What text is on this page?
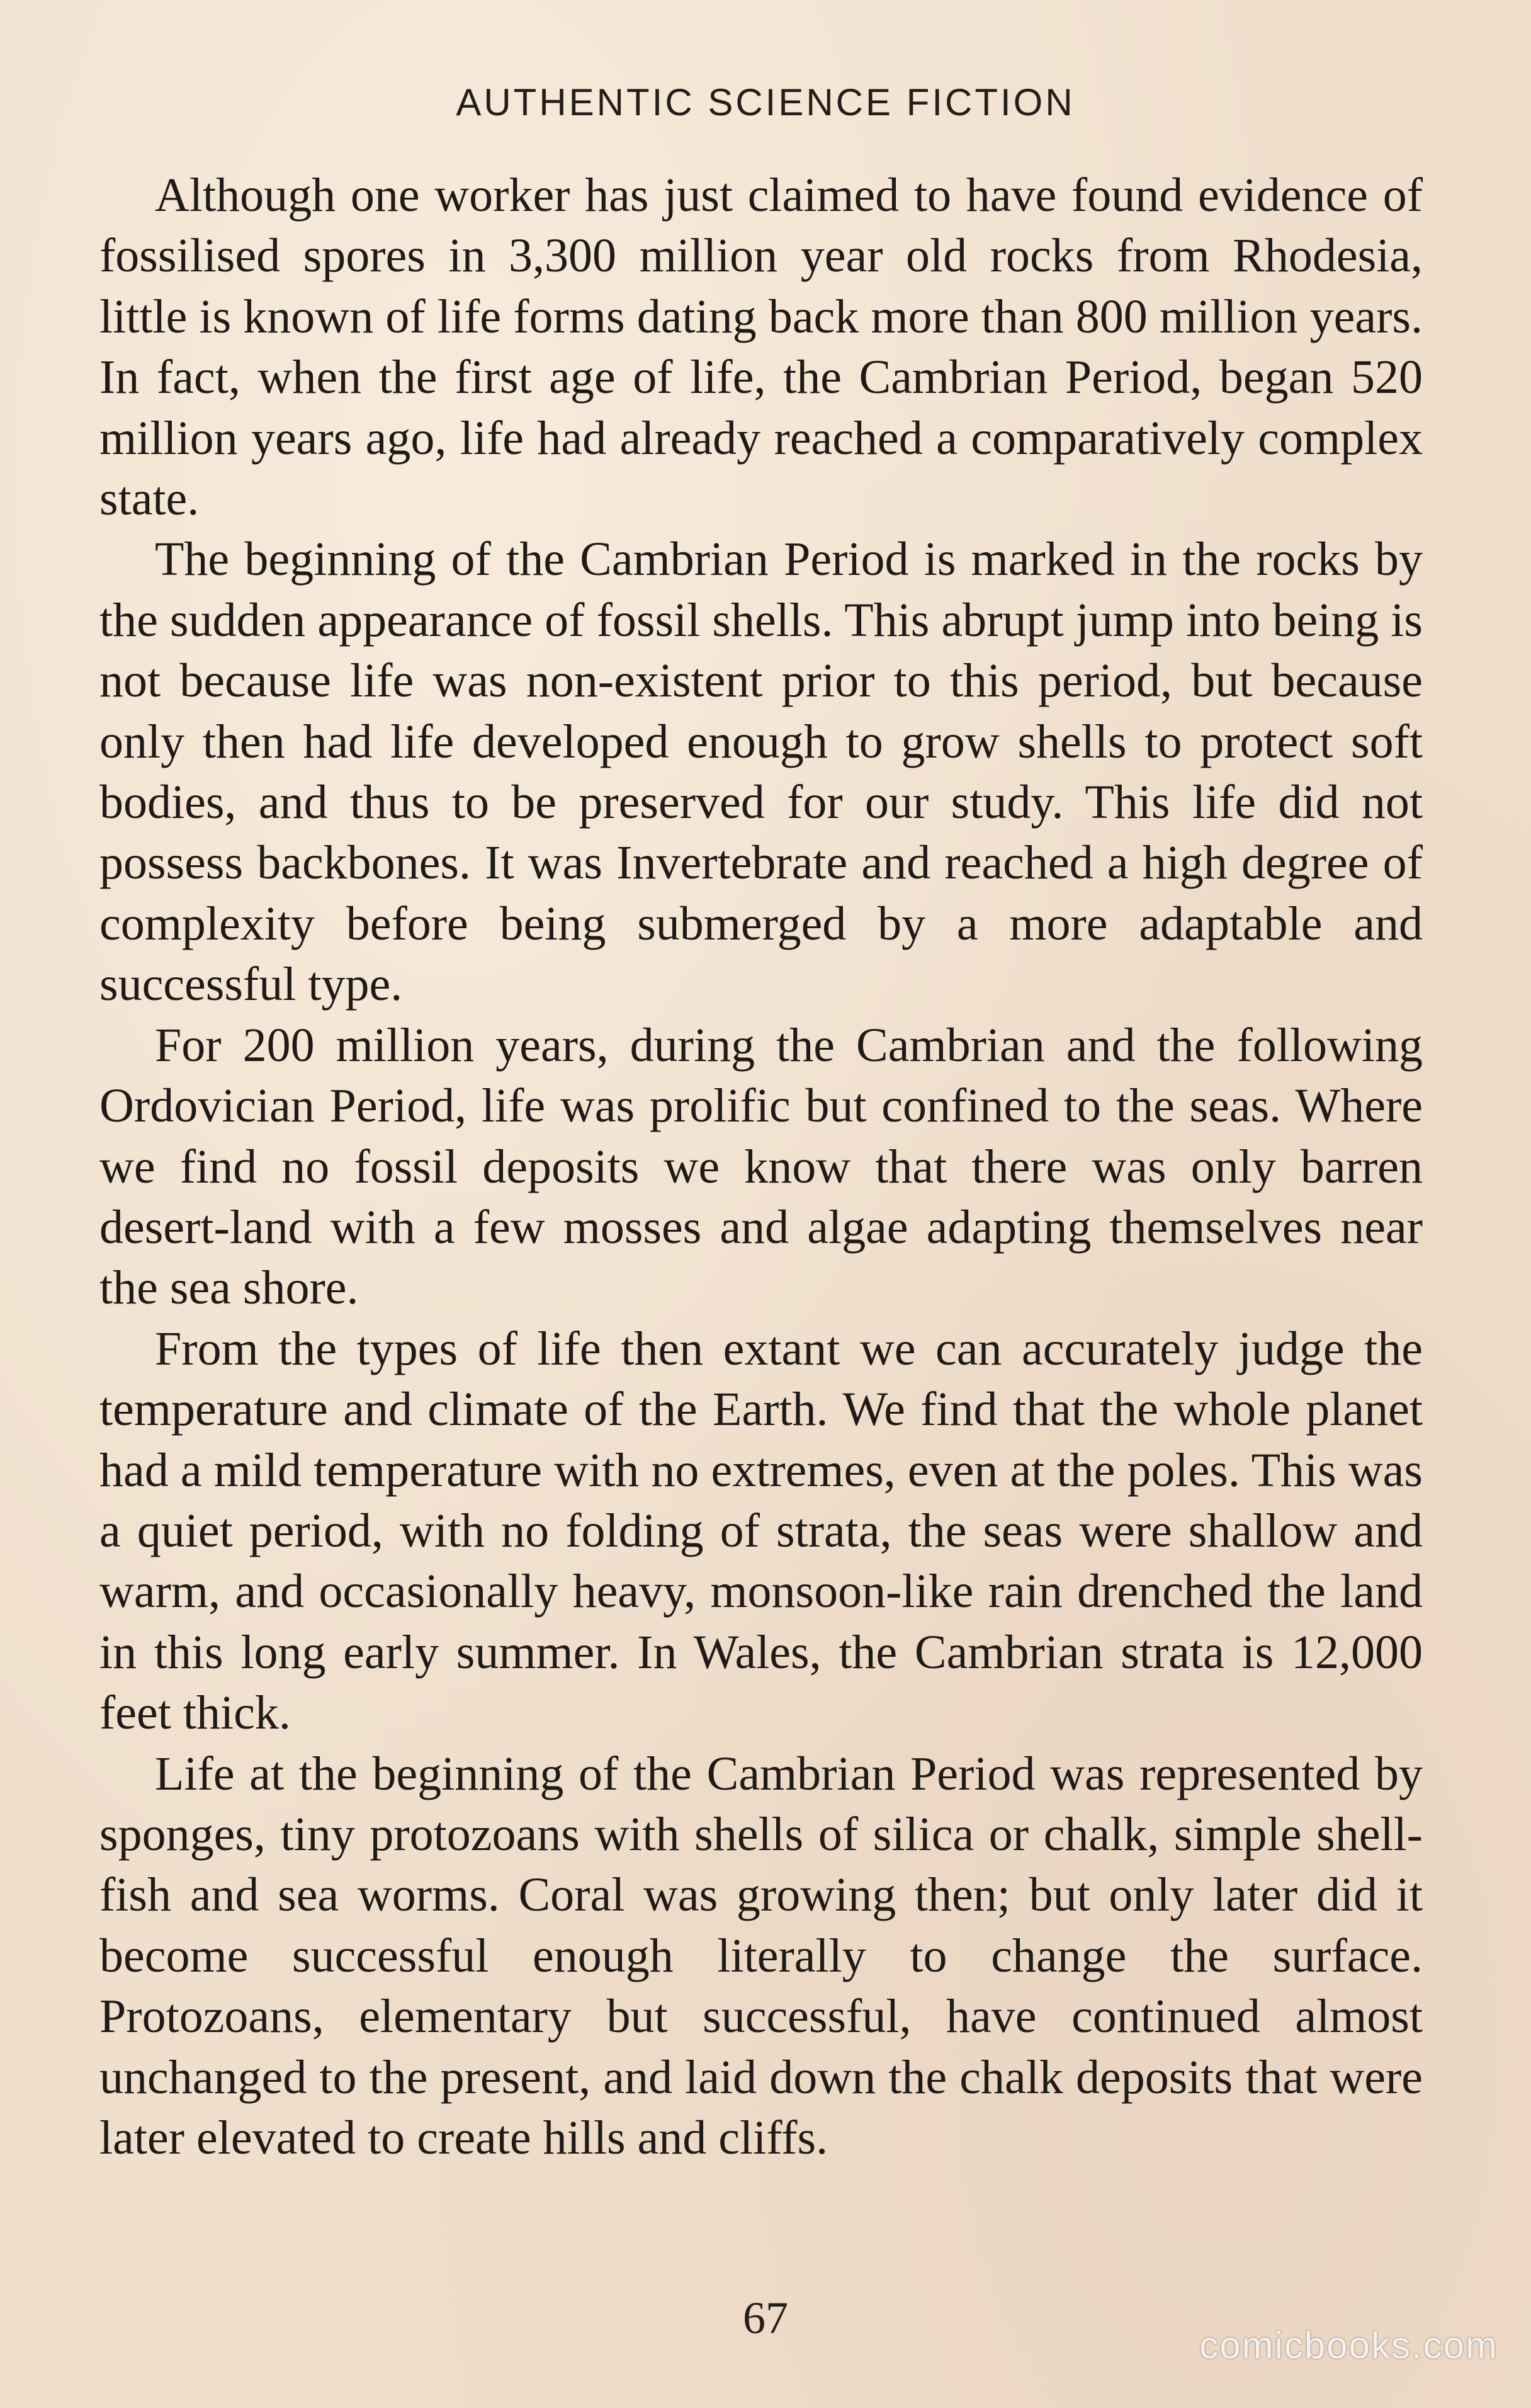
AUTHENTIC SCIENCE FICTION

Although one worker has just claimed to have found evidence of fossilised spores in 3,300 million year old rocks from Rhodesia, little is known of life forms dating back more than 800 million years. In fact, when the first age of life, the Cambrian Period, began 520 million years ago, life had already reached a comparatively complex state.

The beginning of the Cambrian Period is marked in the rocks by the sudden appearance of fossil shells. This abrupt jump into being is not because life was non-existent prior to this period, but because only then had life developed enough to grow shells to protect soft bodies, and thus to be preserved for our study. This life did not possess backbones. It was Invertebrate and reached a high degree of complexity before being submerged by a more adaptable and successful type.

For 200 million years, during the Cambrian and the following Ordovician Period, life was prolific but confined to the seas. Where we find no fossil deposits we know that there was only barren desert-land with a few mosses and algae adapting themselves near the sea shore.

From the types of life then extant we can accurately judge the temperature and climate of the Earth. We find that the whole planet had a mild temperature with no extremes, even at the poles. This was a quiet period, with no folding of strata, the seas were shallow and warm, and occasionally heavy, monsoon-like rain drenched the land in this long early summer. In Wales, the Cambrian strata is 12,000 feet thick.

Life at the beginning of the Cambrian Period was represented by sponges, tiny protozoans with shells of silica or chalk, simple shell-fish and sea worms. Coral was growing then; but only later did it become successful enough literally to change the surface. Protozoans, elementary but successful, have continued almost unchanged to the present, and laid down the chalk deposits that were later elevated to create hills and cliffs.

67
comicbooks.com
